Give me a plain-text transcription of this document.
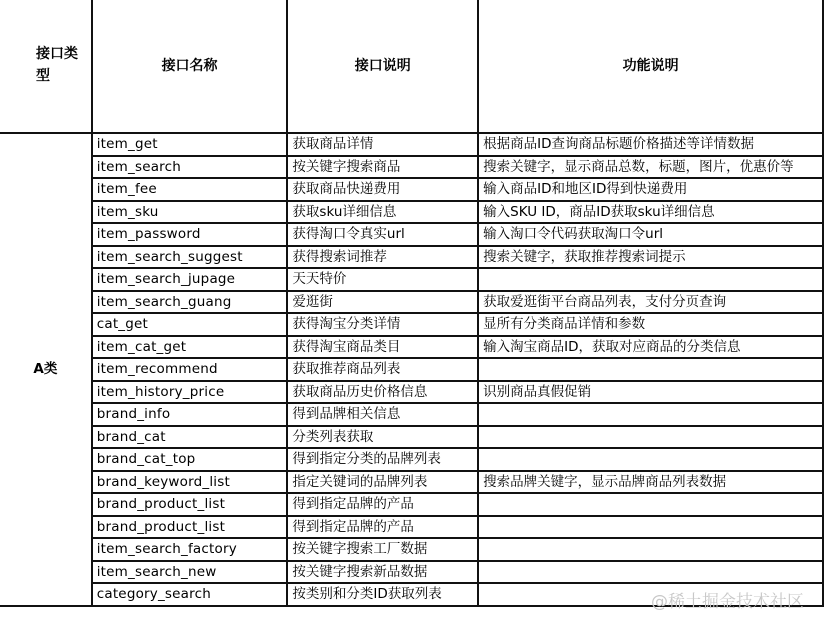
接口类型	接口名称	接口说明	功能说明
A类	item_get	获取商品详情	根据商品ID查询商品标题价格描述等详情数据
	item_search	按关键字搜索商品	搜索关键字，显示商品总数，标题，图片，优惠价等
	item_fee	获取商品快递费用	输入商品ID和地区ID得到快递费用
	item_sku	获取sku详细信息	输入SKU ID，商品ID获取sku详细信息
	item_password	获得淘口令真实url	输入淘口令代码获取淘口令url
	item_search_suggest	获得搜索词推荐	搜索关键字，获取推荐搜索词提示
	item_search_jupage	天天特价	
	item_search_guang	爱逛街	获取爱逛街平台商品列表，支付分页查询
	cat_get	获得淘宝分类详情	显所有分类商品详情和参数
	item_cat_get	获得淘宝商品类目	输入淘宝商品ID，获取对应商品的分类信息
	item_recommend	获取推荐商品列表	
	item_history_price	获取商品历史价格信息	识别商品真假促销
	brand_info	得到品牌相关信息	
	brand_cat	分类列表获取	
	brand_cat_top	得到指定分类的品牌列表	
	brand_keyword_list	指定关键词的品牌列表	搜索品牌关键字，显示品牌商品列表数据
	brand_product_list	得到指定品牌的产品	
	brand_product_list	得到指定品牌的产品	
	item_search_factory	按关键字搜索工厂数据	
	item_search_new	按关键字搜索新品数据	
	category_search	按类别和分类ID获取列表		@稀土掘金技术社区
